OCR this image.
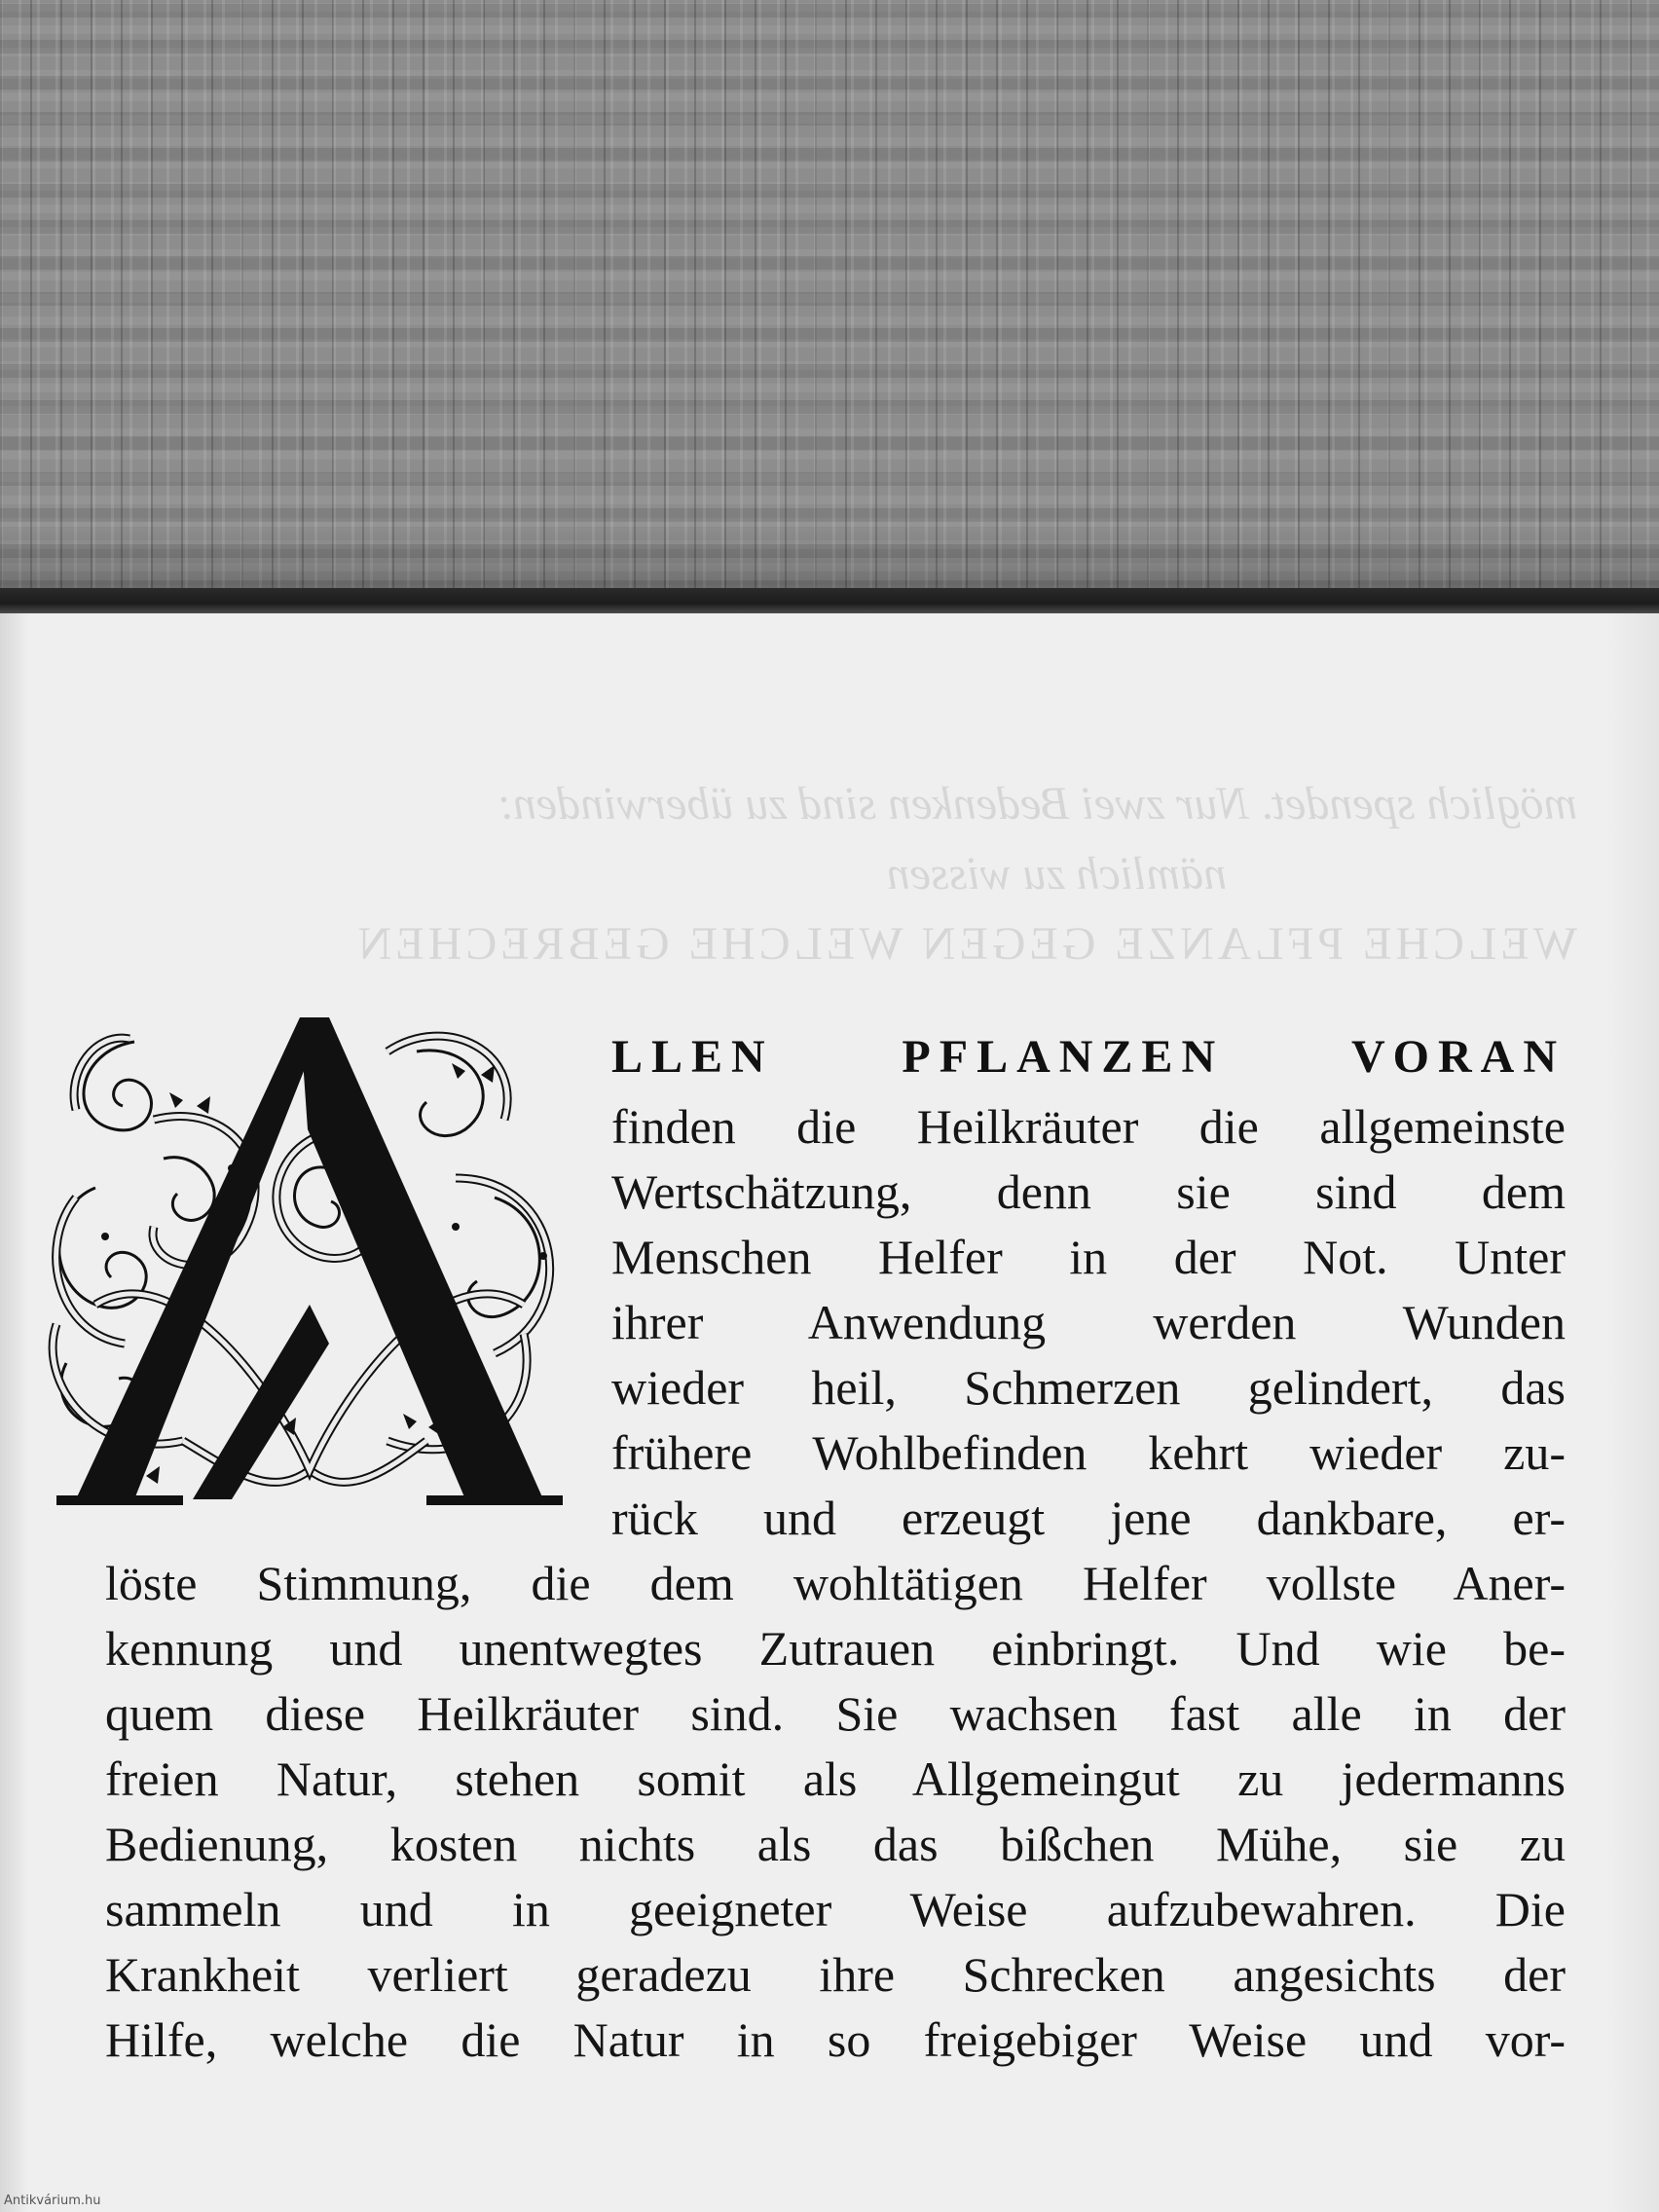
möglich spendet. Nur zwei Bedenken sind zu überwinden:
nämlich zu wissen
WELCHE PFLANZE GEGEN WELCHE GEBRECHEN
LLEN PFLANZEN VORAN
finden die Heilkräuter die allgemeinste
Wertschätzung, denn sie sind dem
Menschen Helfer in der Not. Unter
ihrer Anwendung werden Wunden
wieder heil, Schmerzen gelindert, das
frühere Wohlbefinden kehrt wieder zu-
rück und erzeugt jene dankbare, er-
löste Stimmung, die dem wohltätigen Helfer vollste Aner-
kennung und unentwegtes Zutrauen einbringt. Und wie be-
quem diese Heilkräuter sind. Sie wachsen fast alle in der
freien Natur, stehen somit als Allgemeingut zu jedermanns
Bedienung, kosten nichts als das bißchen Mühe, sie zu
sammeln und in geeigneter Weise aufzubewahren. Die
Krankheit verliert geradezu ihre Schrecken angesichts der
Hilfe, welche die Natur in so freigebiger Weise und vor-
Antikvárium.hu
